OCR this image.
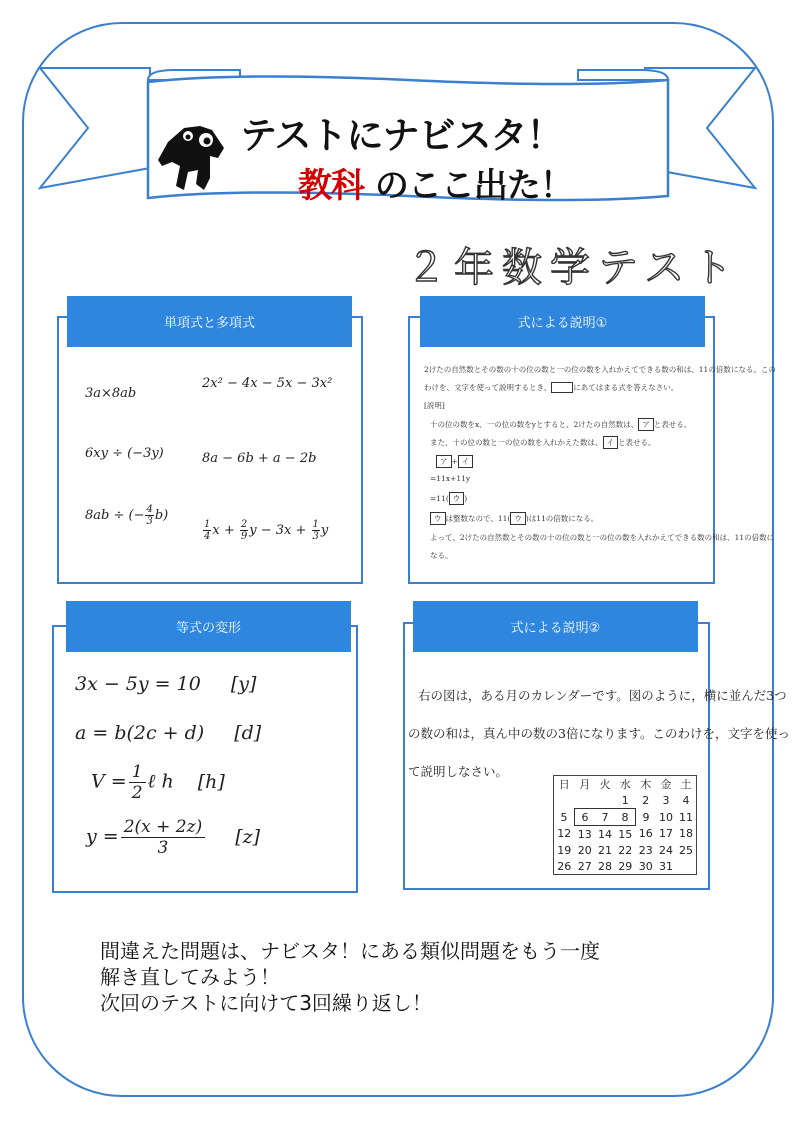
テストにナビスタ！
教科 のここ出た！
２年数学テスト
単項式と多項式
3a×8ab
2x² − 4x − 5x − 3x²
6xy ÷ (−3y)	8a − 6b + a − 2b
8ab ÷ (− $\frac{4}{3} b$)
$\frac{1}{4}$ $x + \frac{2}{9}$ $y - 3x + \frac{1}{3}$ y
式による説明①
2けたの自然数とその数の十の位の数と一の位の数を入れかえてできる数の和は、11の倍数になる。この
わけを、文字を使って説明するとき、	にあてはまる式を答えなさい。
[説明]
十の位の数をx、一の位の数をyとすると、2けたの自然数は、 ア と表せる。
また、十の位の数と一の位の数を入れかえた数は、 イ と表せる。
ア + イ
=11x+11y
=11( ウ )
ウ は整数なので、11( ウ )は11の倍数になる。
よって、2けたの自然数とその数の十の位の数と一の位の数を入れかえてできる数の和は、11の倍数に
なる。
等式の変形
3x − 5y = 10 [y]
a = b(2c + d) [d]
$V = \frac{1}{2}$ ℓ h [h]
$y = \frac{2(x + 2z)}{3} [z]$
式による説明②
右の図は，ある月のカレンダーです。図のように，横に並んだ3つ
の数の和は，真ん中の数の3倍になります。このわけを，文字を使っ
て説明しなさい。
日	月	火	水	木	金	土
			1	2	3	4
5	6	7	8	9	10	11
12	13	14	15	16	17	18
19	20	21	22	23	24	25
26	27	28	29	30	31	
間違えた問題は、ナビスタ！にある類似問題をもう一度
解き直してみよう！
次回のテストに向けて3回繰り返し！
